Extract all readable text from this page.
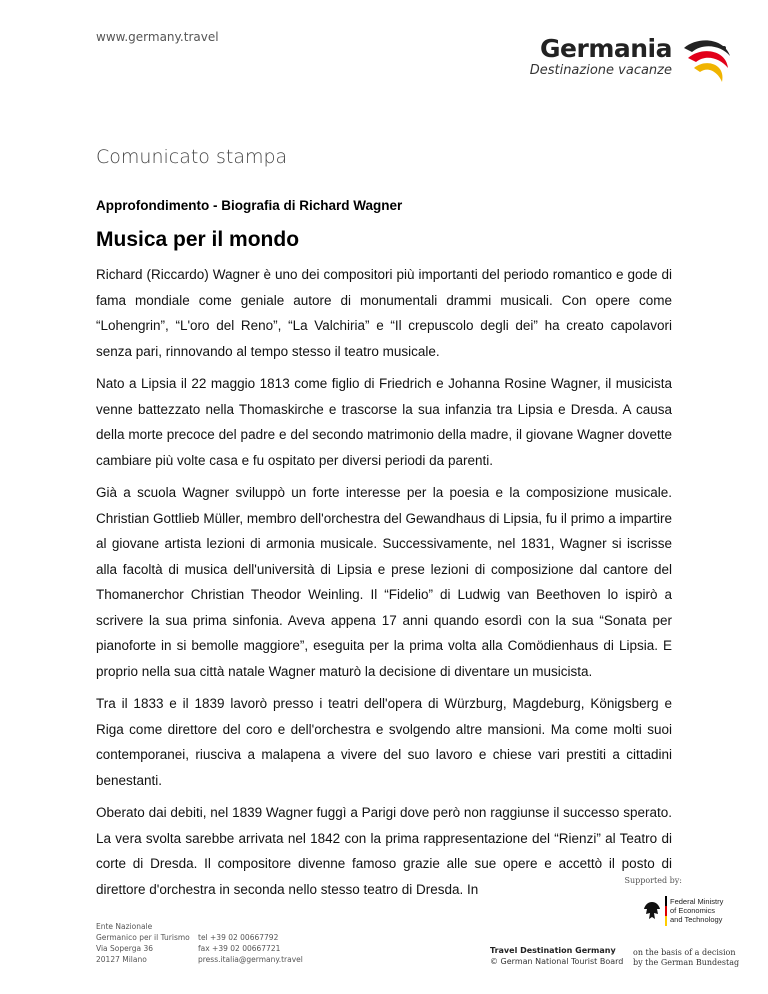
www.germany.travel	Germania
Destinazione vacanze
Comunicato stampa
Approfondimento - Biografia di Richard Wagner
Musica per il mondo

Richard (Riccardo) Wagner è uno dei compositori più importanti del periodo romantico e gode di fama mondiale come geniale autore di monumentali drammi musicali. Con opere come “Lohengrin”, “L'oro del Reno”, “La Valchiria” e “Il crepuscolo degli dei” ha creato capolavori senza pari, rinnovando al tempo stesso il teatro musicale.

Nato a Lipsia il 22 maggio 1813 come figlio di Friedrich e Johanna Rosine Wagner, il musicista venne battezzato nella Thomaskirche e trascorse la sua infanzia tra Lipsia e Dresda. A causa della morte precoce del padre e del secondo matrimonio della madre, il giovane Wagner dovette cambiare più volte casa e fu ospitato per diversi periodi da parenti.

Già a scuola Wagner sviluppò un forte interesse per la poesia e la composizione musicale. Christian Gottlieb Müller, membro dell'orchestra del Gewandhaus di Lipsia, fu il primo a impartire al giovane artista lezioni di armonia musicale. Successivamente, nel 1831, Wagner si iscrisse alla facoltà di musica dell'università di Lipsia e prese lezioni di composizione dal cantore del Thomanerchor Christian Theodor Weinling. Il “Fidelio” di Ludwig van Beethoven lo ispirò a scrivere la sua prima sinfonia. Aveva appena 17 anni quando esordì con la sua “Sonata per pianoforte in si bemolle maggiore”, eseguita per la prima volta alla Comödienhaus di Lipsia. E proprio nella sua città natale Wagner maturò la decisione di diventare un musicista.

Tra il 1833 e il 1839 lavorò presso i teatri dell'opera di Würzburg, Magdeburg, Königsberg e Riga come direttore del coro e dell'orchestra e svolgendo altre mansioni. Ma come molti suoi contemporanei, riusciva a malapena a vivere del suo lavoro e chiese vari prestiti a cittadini benestanti.

Oberato dai debiti, nel 1839 Wagner fuggì a Parigi dove però non raggiunse il successo sperato. La vera svolta sarebbe arrivata nel 1842 con la prima rappresentazione del “Rienzi” al Teatro di corte di Dresda. Il compositore divenne famoso grazie alle sue opere e accettò il posto di direttore d'orchestra in seconda nello stesso teatro di Dresda. In

Supported by:
Federal Ministry
of Economics
and Technology
on the basis of a decision
by the German Bundestag
Ente Nazionale
Germanico per il Turismo
Via Soperga 36
20127 Milano
tel +39 02 00667792
fax +39 02 00667721
press.italia@germany.travel
Travel Destination Germany
© German National Tourist Board
